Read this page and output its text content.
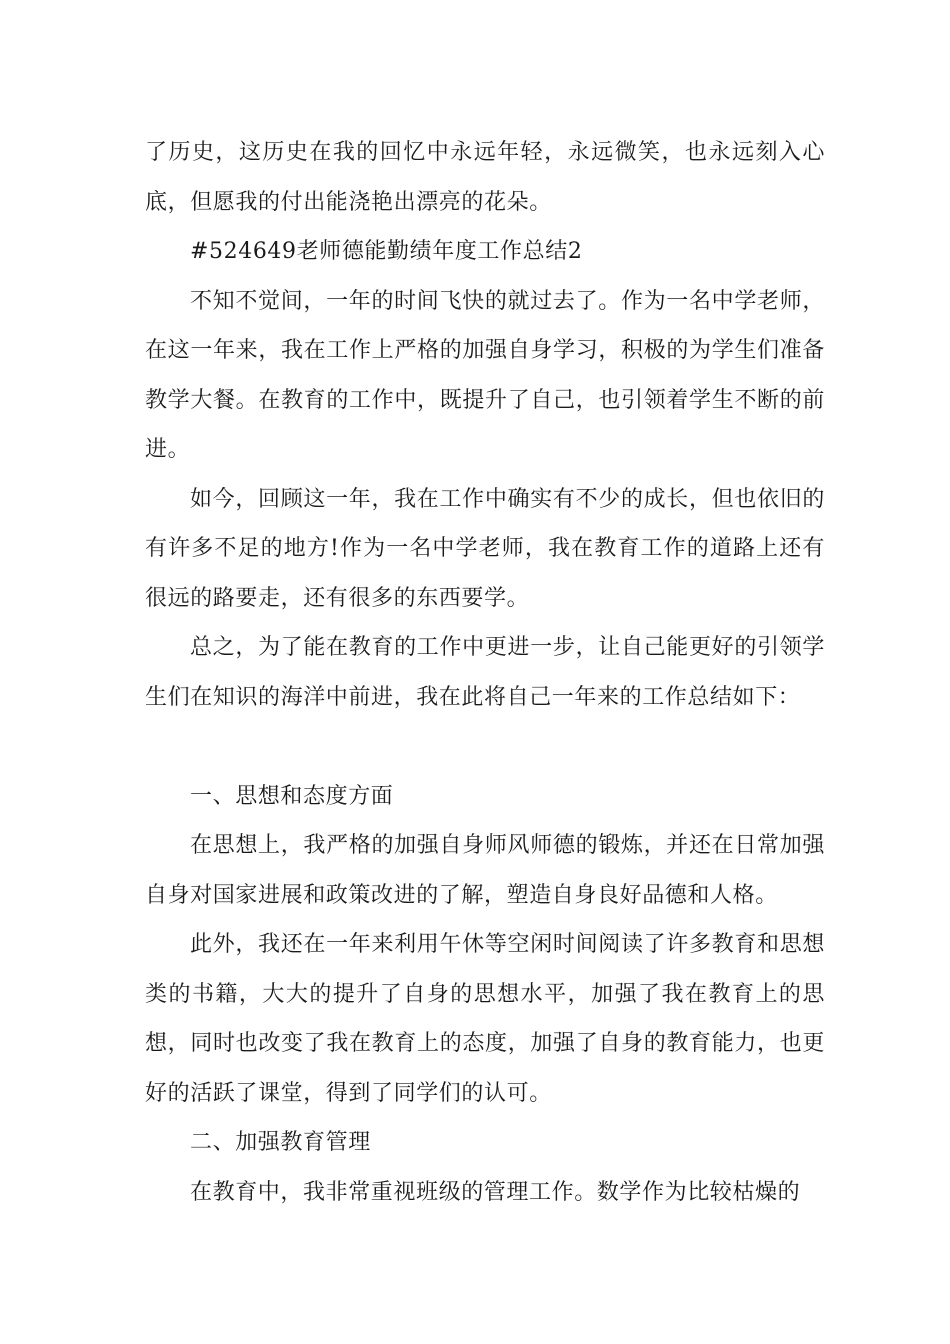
了历史，这历史在我的回忆中永远年轻，永远微笑，也永远刻入心底，但愿我的付出能浇艳出漂亮的花朵。

#524649老师德能勤绩年度工作总结2

不知不觉间，一年的时间飞快的就过去了。作为一名中学老师，在这一年来，我在工作上严格的加强自身学习，积极的为学生们准备教学大餐。在教育的工作中，既提升了自己，也引领着学生不断的前进。

如今，回顾这一年，我在工作中确实有不少的成长，但也依旧的有许多不足的地方!作为一名中学老师，我在教育工作的道路上还有很远的路要走，还有很多的东西要学。

总之，为了能在教育的工作中更进一步，让自己能更好的引领学生们在知识的海洋中前进，我在此将自己一年来的工作总结如下：

一、思想和态度方面

在思想上，我严格的加强自身师风师德的锻炼，并还在日常加强自身对国家进展和政策改进的了解，塑造自身良好品德和人格。

此外，我还在一年来利用午休等空闲时间阅读了许多教育和思想类的书籍，大大的提升了自身的思想水平，加强了我在教育上的思想，同时也改变了我在教育上的态度，加强了自身的教育能力，也更好的活跃了课堂，得到了同学们的认可。

二、加强教育管理

在教育中，我非常重视班级的管理工作。数学作为比较枯燥的
